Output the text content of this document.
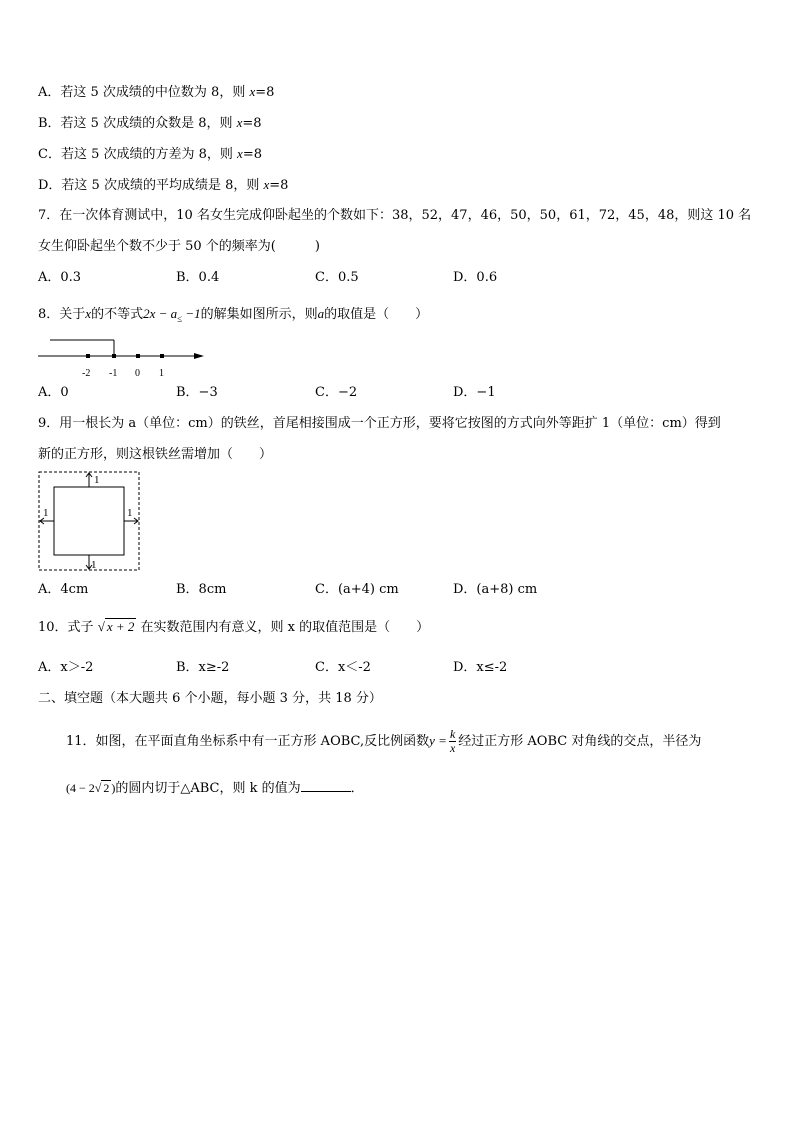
A．若这 5 次成绩的中位数为 8，则 x=8
B．若这 5 次成绩的众数是 8，则 x=8
C．若这 5 次成绩的方差为 8，则 x=8
D．若这 5 次成绩的平均成绩是 8，则 x=8
7．在一次体育测试中，10 名女生完成仰卧起坐的个数如下：38，52，47，46，50，50，61，72，45，48，则这 10 名
女生仰卧起坐个数不少于 50 个的频率为(　　　)
A．0.3	B．0.4	C．0.5	D．0.6
8．关于x的不等式$2x - a_\le -1$的解集如图所示，则a的取值是（　　）
-2 -1 0 1
A．0	B．−3	C．−2	D．−1
9．用一根长为 a（单位：cm）的铁丝，首尾相接围成一个正方形，要将它按图的方式向外等距扩 1（单位：cm）得到
新的正方形，则这根铁丝需增加（　　）
1
1
1	1
A．4cm	B．8cm	C．(a+4) cm	D．(a+8) cm
10．式子 √ x + 2 在实数范围内有意义，则 x 的取值范围是（　　）
A．x＞-2	B．x≥-2	C．x＜-2	D．x≤-2
二、填空题（本大题共 6 个小题，每小题 3 分，共 18 分）
11．如图，在平面直角坐标系中有一正方形 AOBC,反比例函数$y = \frac{k}{x}$ 经过正方形 AOBC 对角线的交点，半径为
(4 − 2√ 2 )的圆内切于△ABC，则 k 的值为	．
